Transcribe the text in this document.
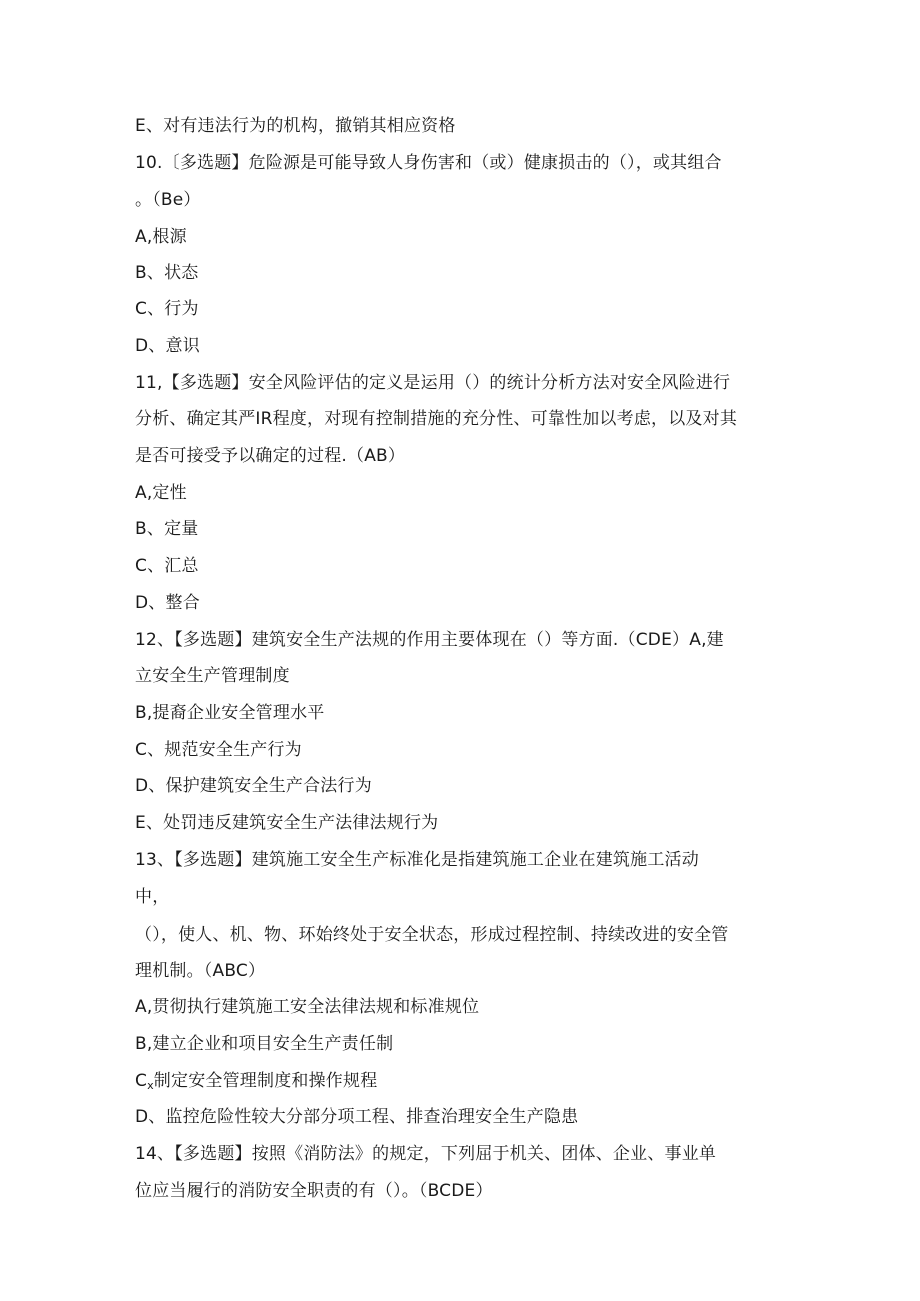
E、对有违法行为的机构，撤销其相应资格
10.〔多选题】危险源是可能导致人身伤害和（或）健康损击的（），或其组合
。（Be）
A,根源
B、状态
C、行为
D、意识
11,【多选题】安全风险评估的定义是运用（）的统计分析方法对安全风险进行
分析、确定其严IR程度，对现有控制措施的充分性、可靠性加以考虑，以及对其
是否可接受予以确定的过程.（AB）
A,定性
B、定量
C、汇总
D、整合
12、【多选题】建筑安全生产法规的作用主要体现在（）等方面.（CDE）A,建
立安全生产管理制度
B,提裔企业安全管理水平
C、规范安全生产行为
D、保护建筑安全生产合法行为
E、处罚违反建筑安全生产法律法规行为
13、【多选题】建筑施工安全生产标准化是指建筑施工企业在建筑施工活动
中，
（），使人、机、物、环始终处于安全状态，形成过程控制、持续改进的安全管
理机制。（ABC）
A,贯彻执行建筑施工安全法律法规和标准规位
B,建立企业和项目安全生产责任制
$C_x$制定安全管理制度和操作规程
D、监控危险性较大分部分项工程、排查治理安全生产隐患
14、【多选题】按照《消防法》的规定，下列屈于机关、团体、企业、事业单
位应当履行的消防安全职责的有（）。（BCDE）
